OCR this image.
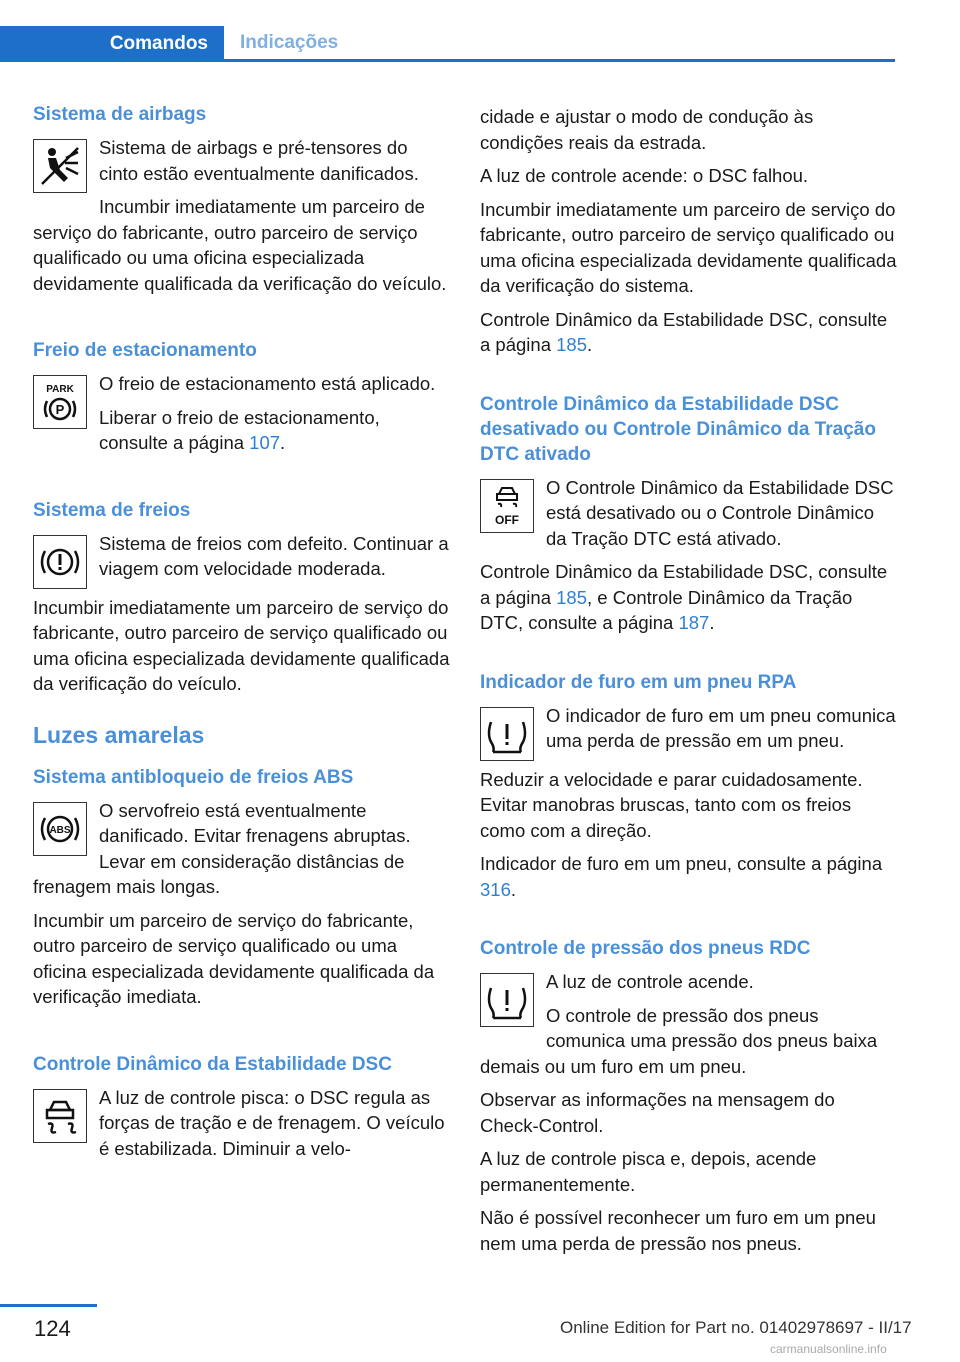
Comandos	Indicações
Sistema de airbags

Sistema de airbags e pré-tensores do cinto estão eventualmente danificados.

Incumbir imediatamente um parceiro de serviço do fabricante, outro parceiro de serviço qualificado ou uma oficina especializada devidamente qualificada da verificação do veículo.

Freio de estacionamento
PARK
P

O freio de estacionamento está aplicado.

Liberar o freio de estacionamento, consulte a página 107.

Sistema de freios

Sistema de freios com defeito. Continuar a viagem com velocidade moderada.

Incumbir imediatamente um parceiro de serviço do fabricante, outro parceiro de serviço qualificado ou uma oficina especializada devidamente qualificada da verificação do veículo.

Luzes amarelas
Sistema antibloqueio de freios ABS
ABS

O servofreio está eventualmente danificado. Evitar frenagens abruptas. Levar em consideração distâncias de frenagem mais longas.

Incumbir um parceiro de serviço do fabricante, outro parceiro de serviço qualificado ou uma oficina especializada devidamente qualificada da verificação imediata.

Controle Dinâmico da Estabilidade DSC

A luz de controle pisca: o DSC regula as forças de tração e de frenagem. O veículo é estabilizada. Diminuir a velo-

cidade e ajustar o modo de condução às condições reais da estrada.

A luz de controle acende: o DSC falhou.

Incumbir imediatamente um parceiro de serviço do fabricante, outro parceiro de serviço qualificado ou uma oficina especializada devidamente qualificada da verificação do sistema.

Controle Dinâmico da Estabilidade DSC, consulte a página 185.

Controle Dinâmico da Estabilidade DSC desativado ou Controle Dinâmico da Tração DTC ativado
OFF

O Controle Dinâmico da Estabilidade DSC está desativado ou o Controle Dinâmico da Tração DTC está ativado.

Controle Dinâmico da Estabilidade DSC, consulte a página 185, e Controle Dinâmico da Tração DTC, consulte a página 187.

Indicador de furo em um pneu RPA

O indicador de furo em um pneu comunica uma perda de pressão em um pneu.

Reduzir a velocidade e parar cuidadosamente. Evitar manobras bruscas, tanto com os freios como com a direção.

Indicador de furo em um pneu, consulte a página 316.

Controle de pressão dos pneus RDC

A luz de controle acende.

O controle de pressão dos pneus comunica uma pressão dos pneus baixa demais ou um furo em um pneu.

Observar as informações na mensagem do Check-Control.

A luz de controle pisca e, depois, acende permanentemente.

Não é possível reconhecer um furo em um pneu nem uma perda de pressão nos pneus.

124	Online Edition for Part no. 01402978697 - II/17
carmanualsonline.info
